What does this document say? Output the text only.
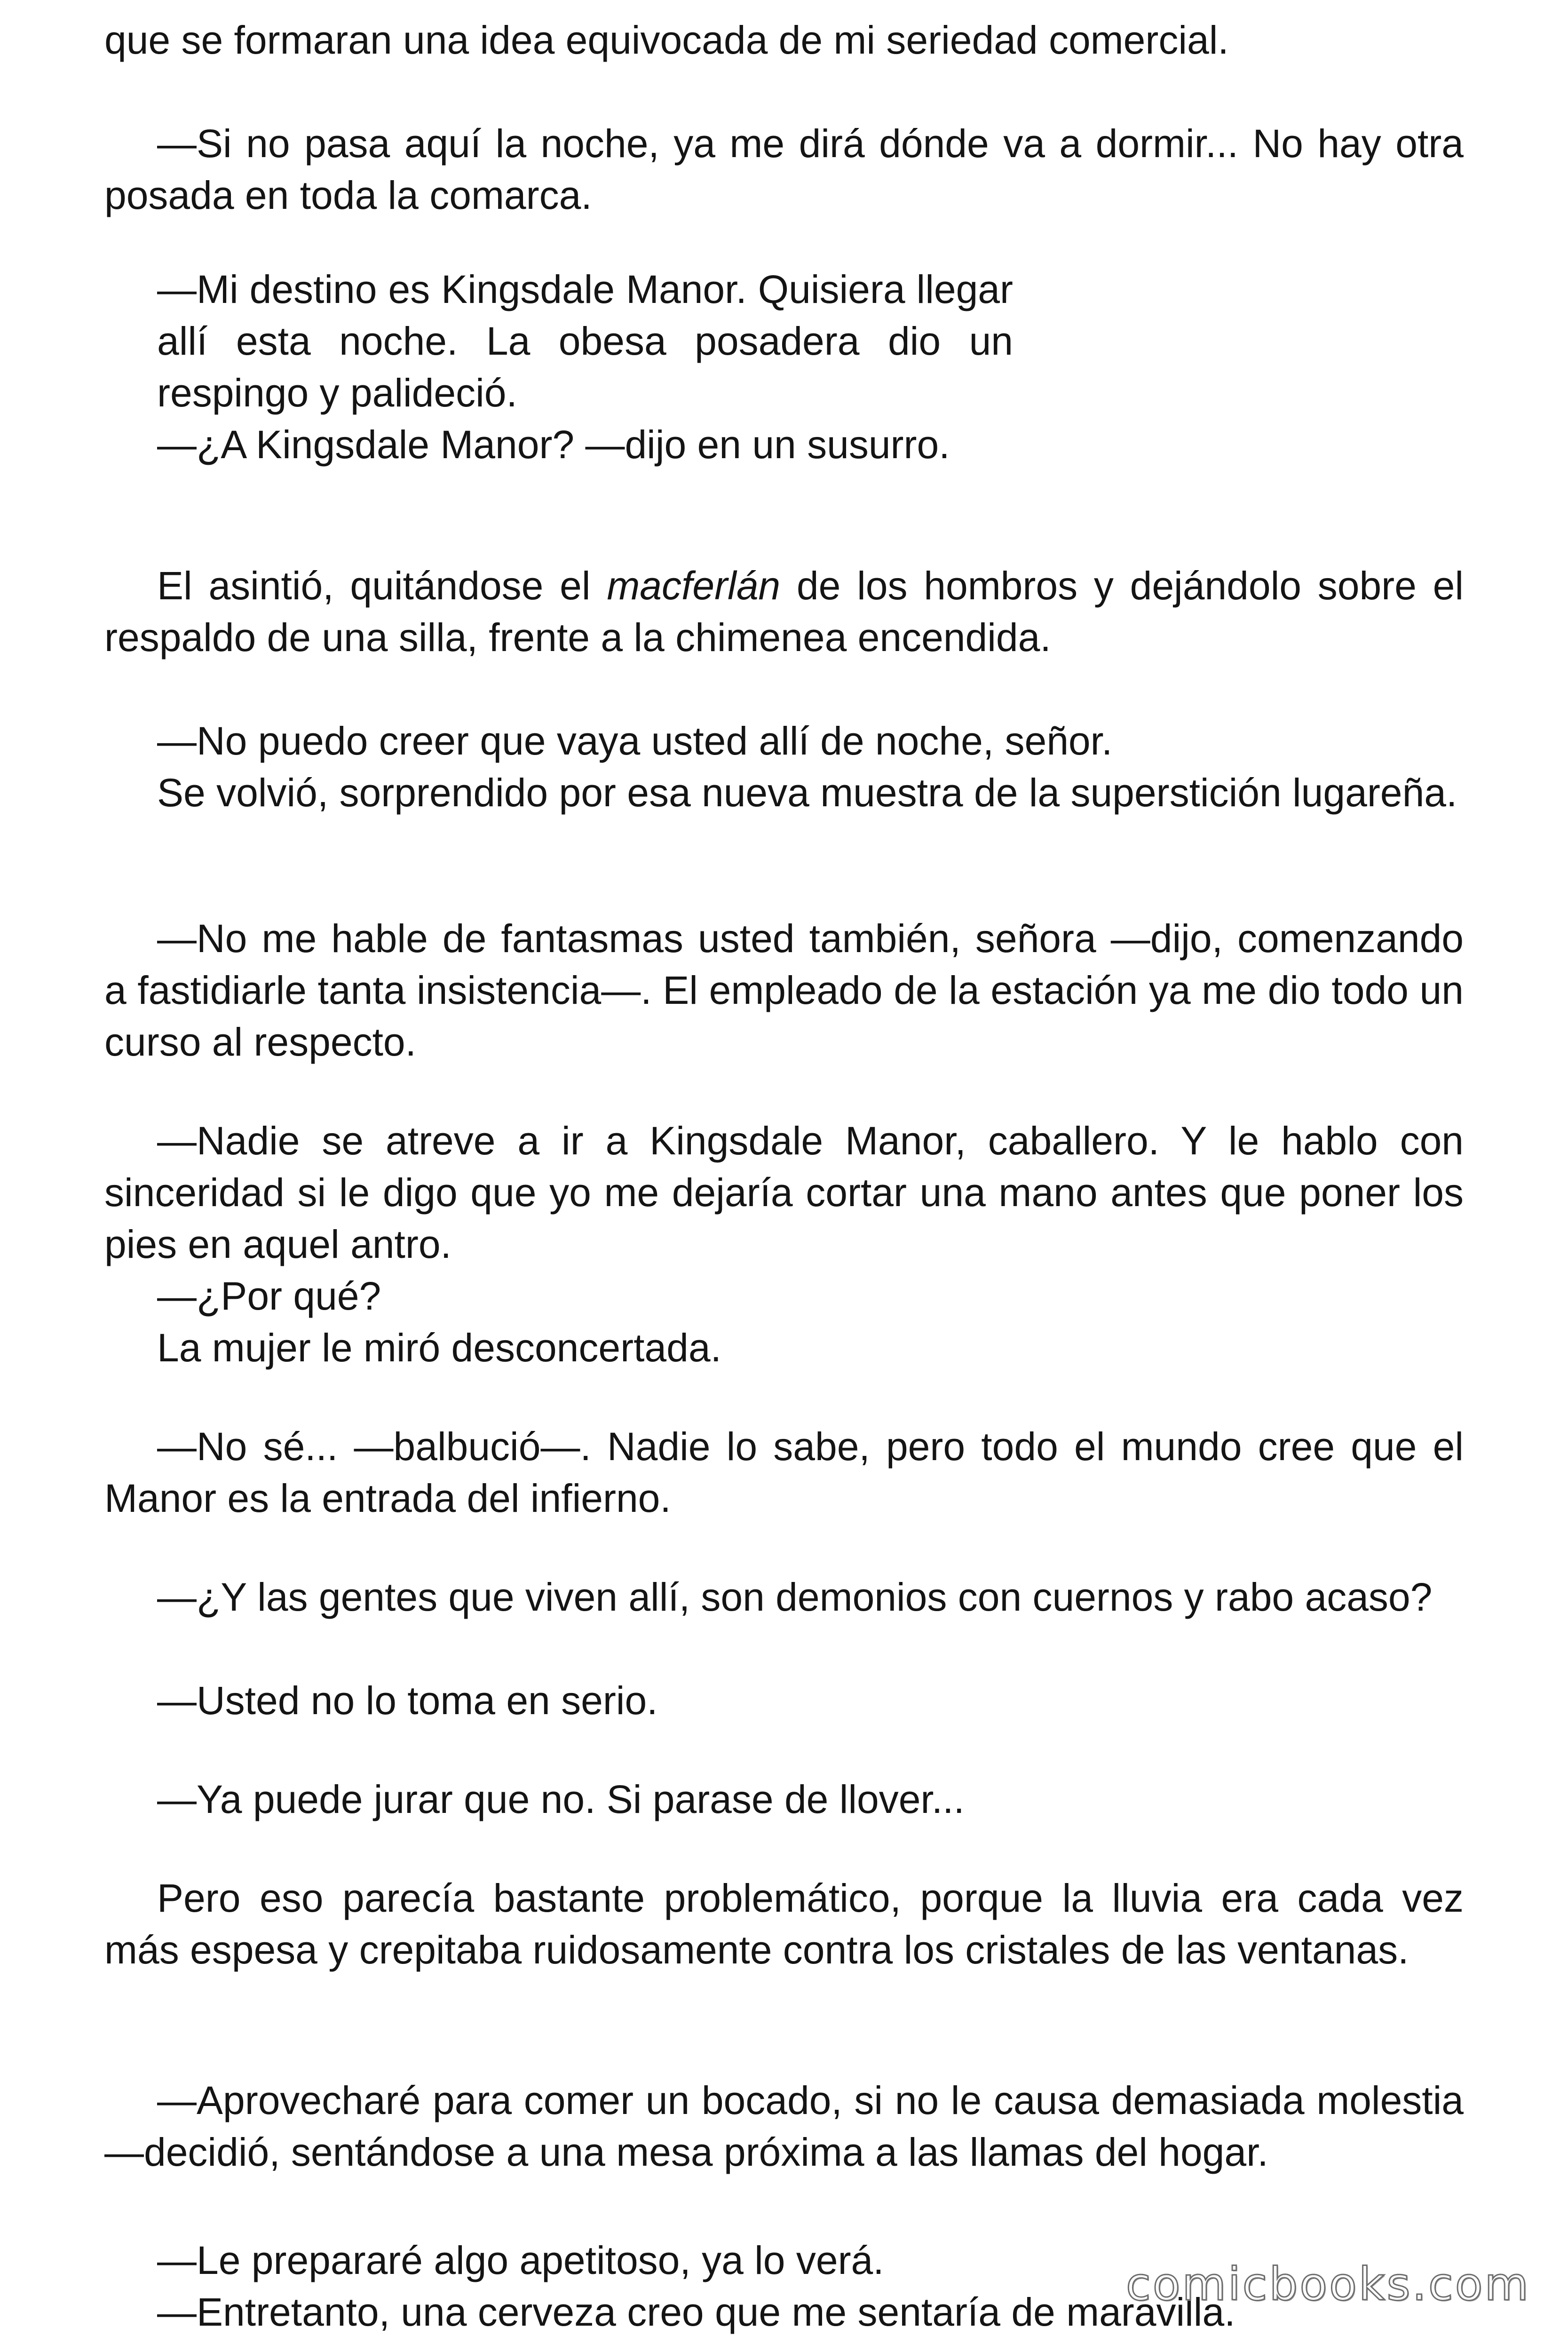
que se formaran una idea equivocada de mi seriedad comercial.

—Si no pasa aquí la noche, ya me dirá dónde va a dormir... No hay otra posada en toda la comarca.

—Mi destino es Kingsdale Manor. Quisiera llegar allí esta noche. La obesa posadera dio un respingo y palideció.

—¿A Kingsdale Manor? —dijo en un susurro.

El asintió, quitándose el macferlán de los hombros y dejándolo sobre el respaldo de una silla, frente a la chimenea encendida.

—No puedo creer que vaya usted allí de noche, señor.

Se volvió, sorprendido por esa nueva muestra de la superstición lugareña.

—No me hable de fantasmas usted también, señora —dijo, comenzando a fastidiarle tanta insistencia—. El empleado de la estación ya me dio todo un curso al respecto.

—Nadie se atreve a ir a Kingsdale Manor, caballero. Y le hablo con sinceridad si le digo que yo me dejaría cortar una mano antes que poner los pies en aquel antro.

—¿Por qué?

La mujer le miró desconcertada.

—No sé... —balbució—. Nadie lo sabe, pero todo el mundo cree que el Manor es la entrada del infierno.

—¿Y las gentes que viven allí, son demonios con cuernos y rabo acaso?

—Usted no lo toma en serio.

—Ya puede jurar que no. Si parase de llover...

Pero eso parecía bastante problemático, porque la lluvia era cada vez más espesa y crepitaba ruidosamente contra los cristales de las ventanas.

—Aprovecharé para comer un bocado, si no le causa demasiada molestia —decidió, sentándose a una mesa próxima a las llamas del hogar.

—Le prepararé algo apetitoso, ya lo verá.

—Entretanto, una cerveza creo que me sentaría de maravilla.

comicbooks.com
